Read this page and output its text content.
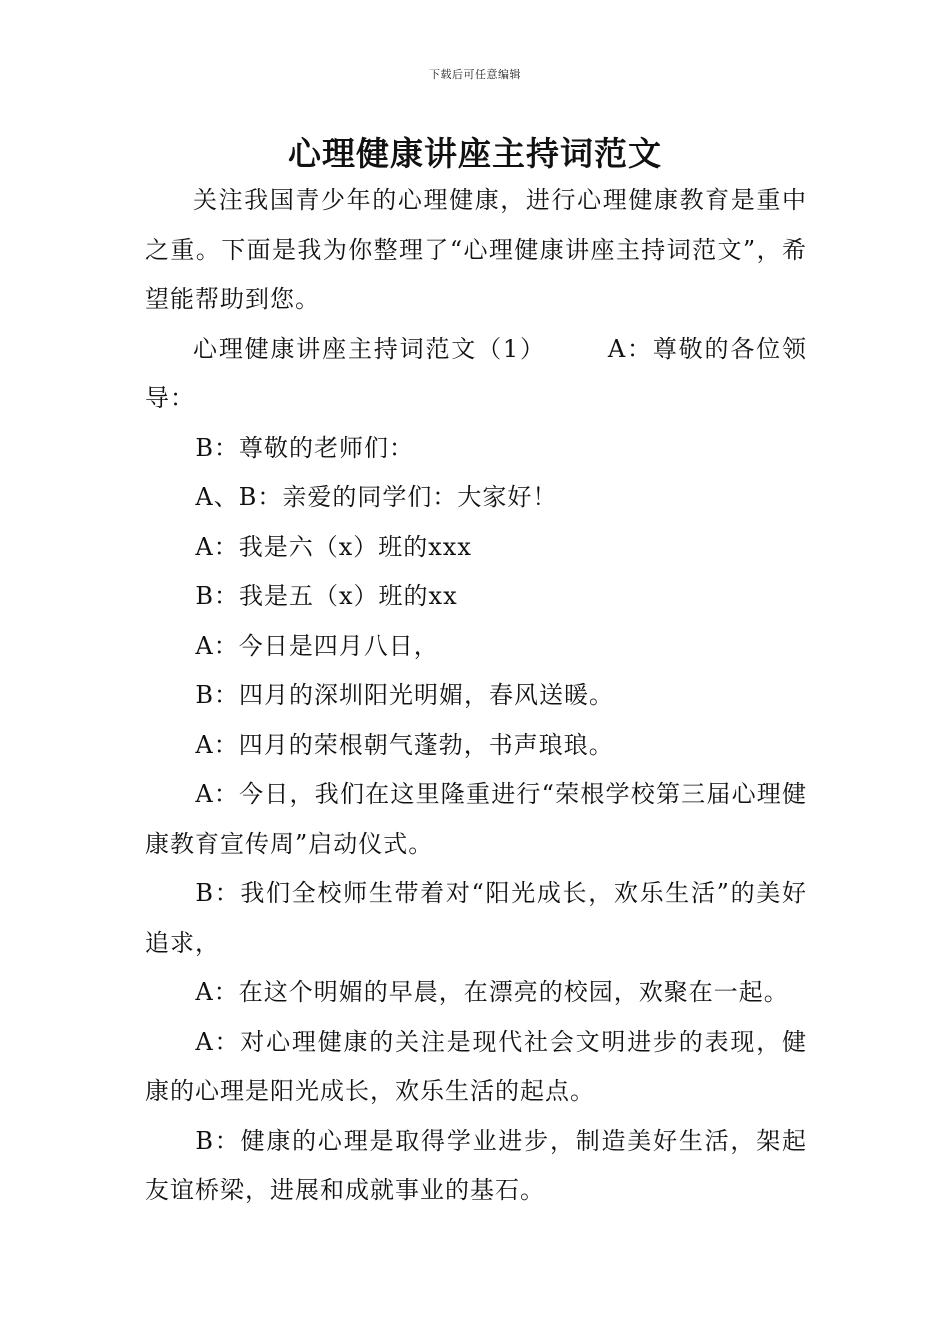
下载后可任意编辑
心理健康讲座主持词范文

关注我国青少年的心理健康，进行心理健康教育是重中之重。下面是我为你整理了“心理健康讲座主持词范文”，希望能帮助到您。

心理健康讲座主持词范文（1）	A：尊敬的各位领导：

B：尊敬的老师们：

A、B：亲爱的同学们：大家好！

A：我是六（x）班的xxx

B：我是五（x）班的xx

A：今日是四月八日，

B：四月的深圳阳光明媚，春风送暖。

A：四月的荣根朝气蓬勃，书声琅琅。

A：今日，我们在这里隆重进行“荣根学校第三届心理健康教育宣传周”启动仪式。

B：我们全校师生带着对“阳光成长，欢乐生活”的美好追求，

A：在这个明媚的早晨，在漂亮的校园，欢聚在一起。

A：对心理健康的关注是现代社会文明进步的表现，健康的心理是阳光成长，欢乐生活的起点。

B：健康的心理是取得学业进步，制造美好生活，架起友谊桥梁，进展和成就事业的基石。
